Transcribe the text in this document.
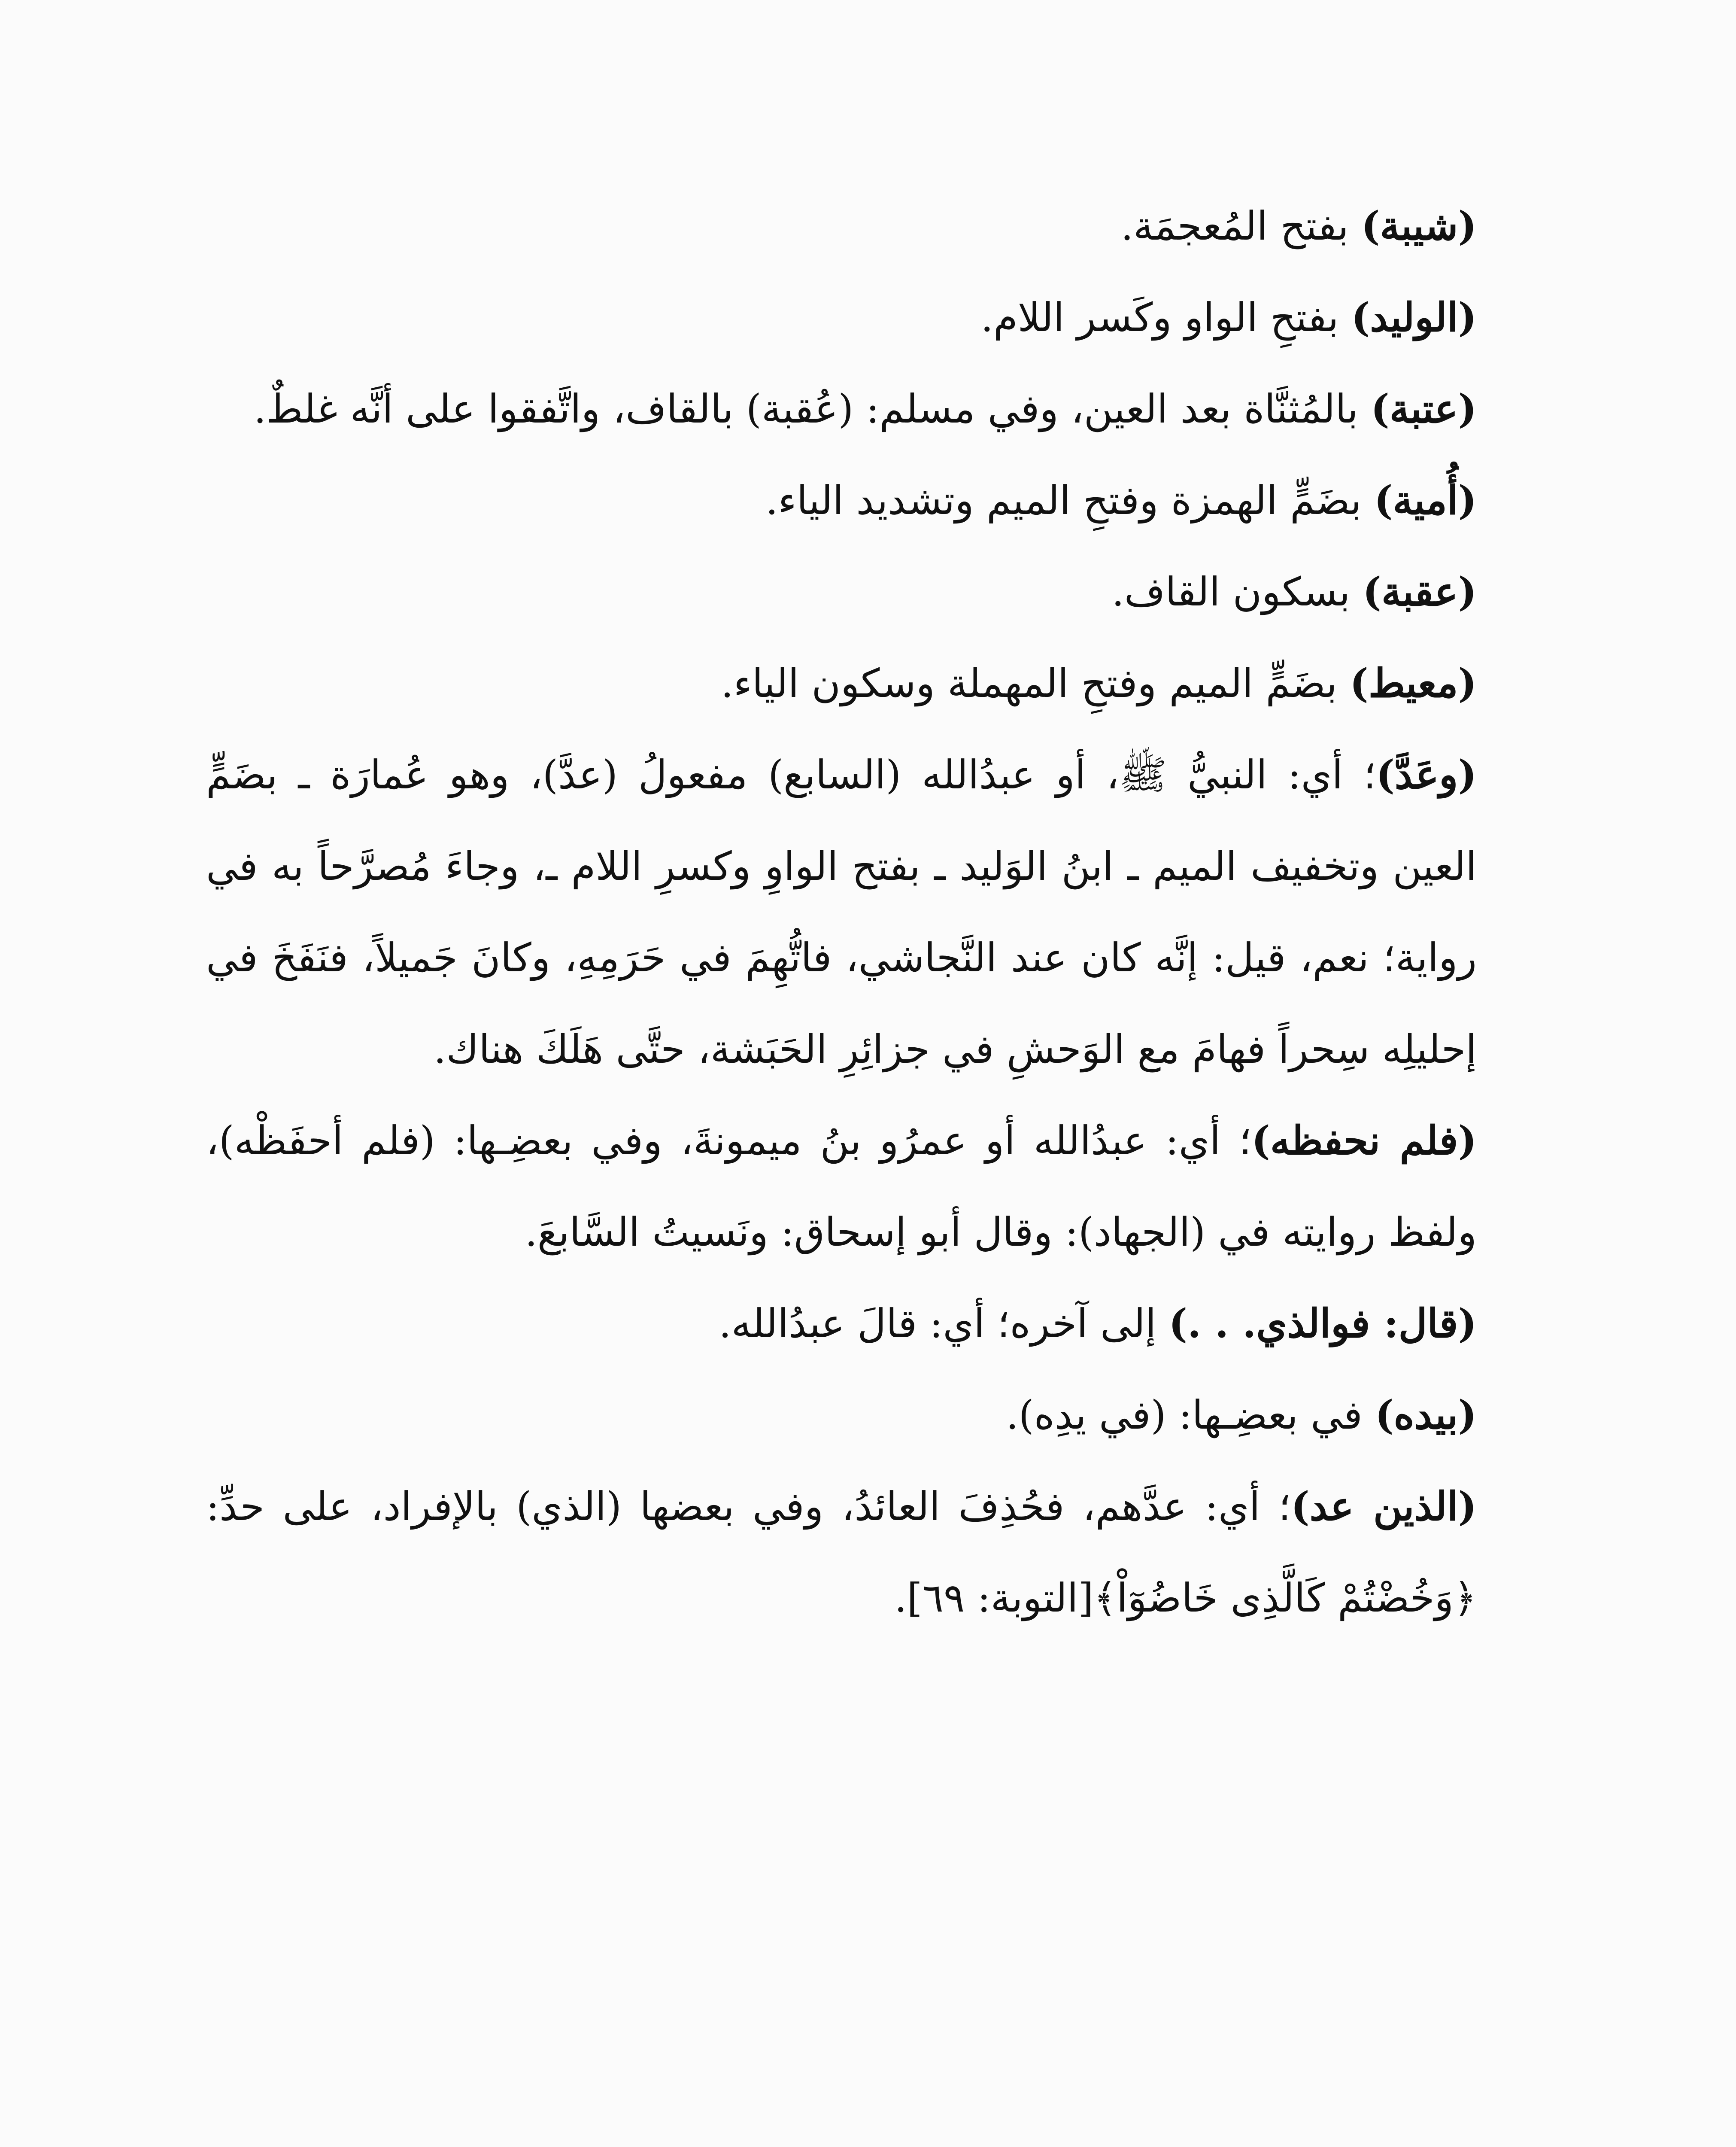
(شيبة) بفتح المُعجمَة.

(الوليد) بفتحِ الواو وكَسر اللام.

(عتبة) بالمُثنَّاة بعد العين، وفي مسلم: (عُقبة) بالقاف، واتَّفقوا على أنَّه غلطٌ.

(أُمية) بضَمٍّ الهمزة وفتحِ الميم وتشديد الياء.

(عقبة) بسكون القاف.

(معيط) بضَمٍّ الميم وفتحِ المهملة وسكون الياء.

(وعَدَّ)؛ أي: النبيُّ ﷺ، أو عبدُالله (السابع) مفعولُ (عدَّ)، وهو عُمارَة ـ بضَمٍّ العين وتخفيف الميم ـ ابنُ الوَليد ـ بفتح الواوِ وكسرِ اللام ـ، وجاءَ مُصرَّحاً به في رواية؛ نعم، قيل: إنَّه كان عند النَّجاشي، فاتُّهِمَ في حَرَمِهِ، وكانَ جَميلاً، فنَفَخَ في إحليلِه سِحراً فهامَ مع الوَحشِ في جزائِرِ الحَبَشة، حتَّى هَلَكَ هناك.

(فلم نحفظه)؛ أي: عبدُالله أو عمرُو بنُ ميمونةَ، وفي بعضِـها: (فلم أحفَظْه)، ولفظ روايته في (الجهاد): وقال أبو إسحاق: ونَسيتُ السَّابعَ.

(قال: فوالذي. . .) إلى آخره؛ أي: قالَ عبدُالله.

(بيده) في بعضِـها: (في يدِه).

(الذين عد)؛ أي: عدَّهم، فحُذِفَ العائدُ، وفي بعضها (الذي) بالإفراد، على حدِّ: ﴿وَخُضْتُمْ كَالَّذِى خَاضُوٓاْ﴾[التوبة: ٦٩].
